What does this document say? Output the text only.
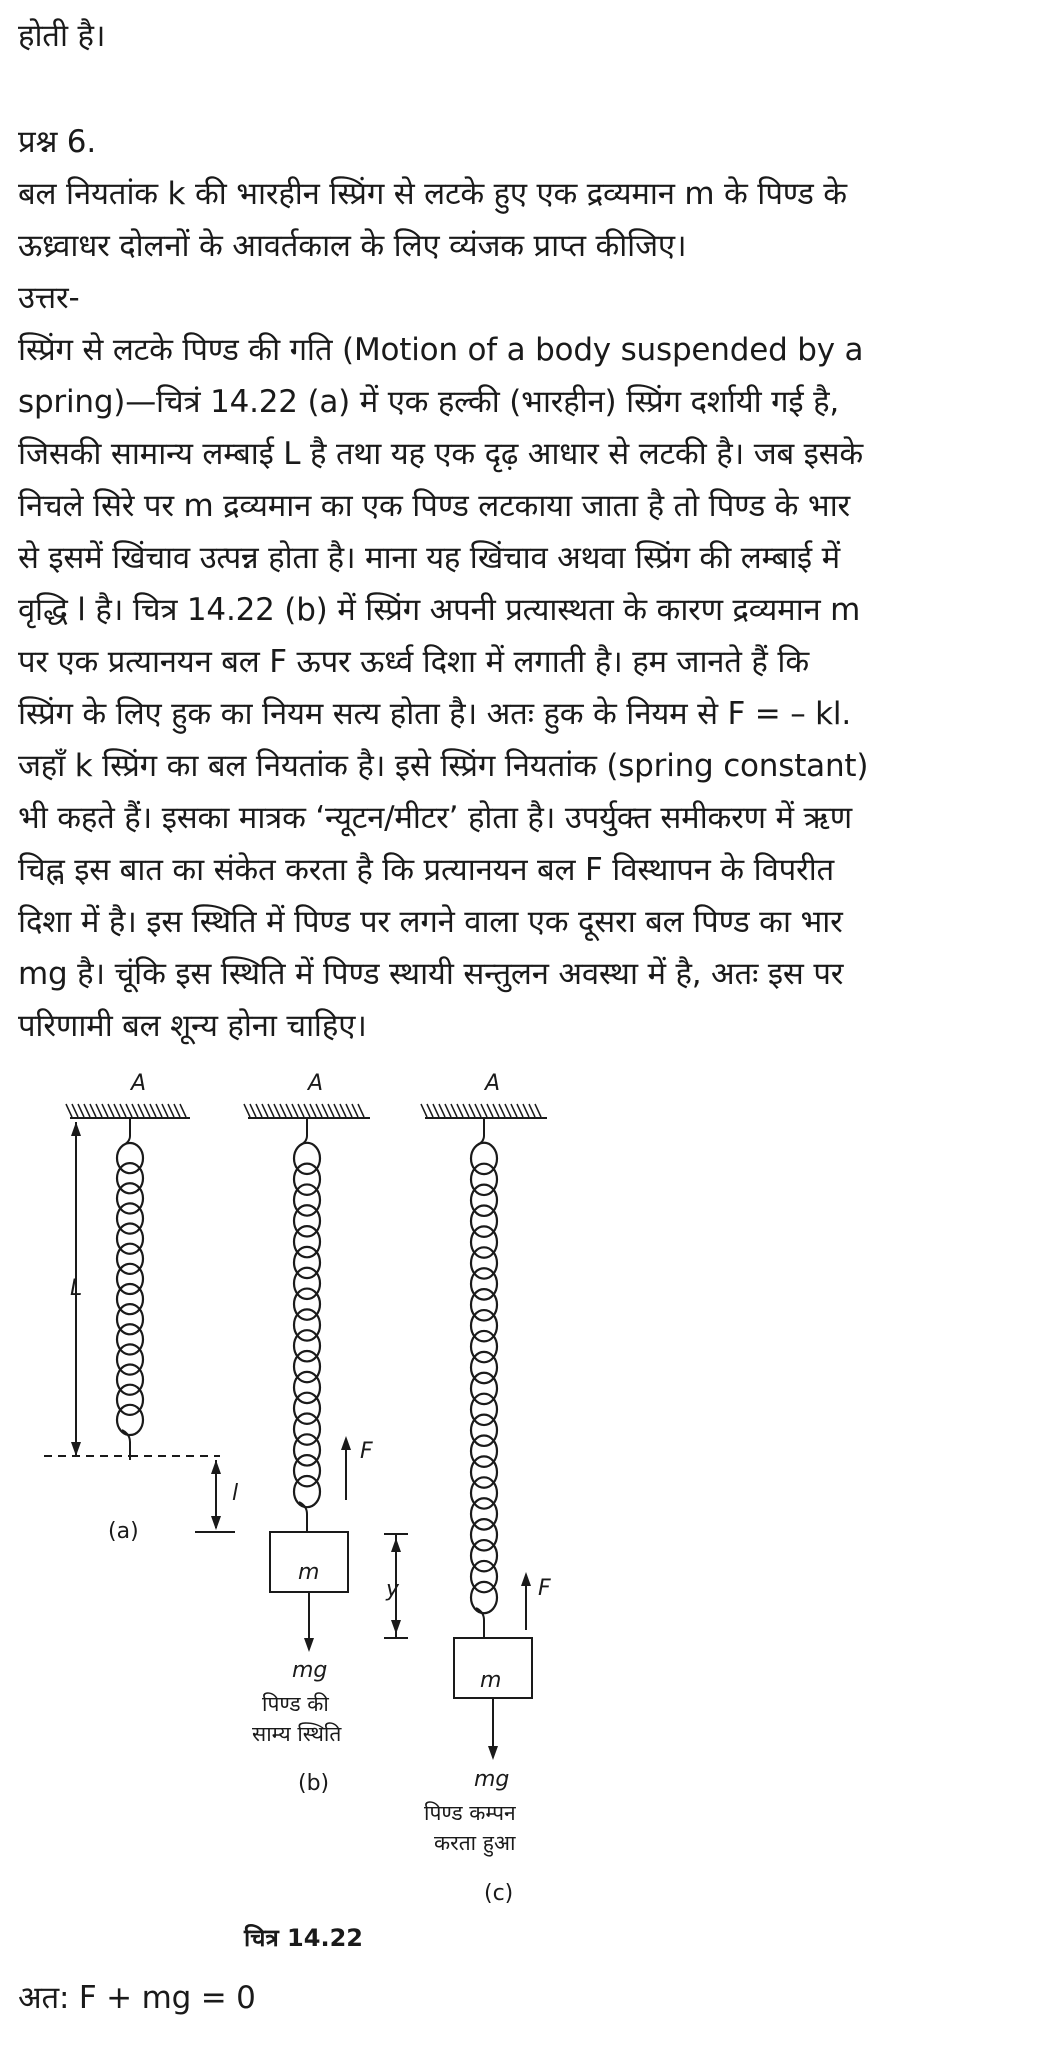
होती है।
प्रश्न 6.
बल नियतांक k की भारहीन स्प्रिंग से लटके हुए एक द्रव्यमान m के पिण्ड के
ऊध्र्वाधर दोलनों के आवर्तकाल के लिए व्यंजक प्राप्त कीजिए।
उत्तर-
स्प्रिंग से लटके पिण्ड की गति (Motion of a body suspended by a
spring)—चित्रं 14.22 (a) में एक हल्की (भारहीन) स्प्रिंग दर्शायी गई है,
जिसकी सामान्य लम्बाई L है तथा यह एक दृढ़ आधार से लटकी है। जब इसके
निचले सिरे पर m द्रव्यमान का एक पिण्ड लटकाया जाता है तो पिण्ड के भार
से इसमें खिंचाव उत्पन्न होता है। माना यह खिंचाव अथवा स्प्रिंग की लम्बाई में
वृद्धि l है। चित्र 14.22 (b) में स्प्रिंग अपनी प्रत्यास्थता के कारण द्रव्यमान m
पर एक प्रत्यानयन बल F ऊपर ऊर्ध्व दिशा में लगाती है। हम जानते हैं कि
स्प्रिंग के लिए हुक का नियम सत्य होता है। अतः हुक के नियम से F = – kl.
जहाँ k स्प्रिंग का बल नियतांक है। इसे स्प्रिंग नियतांक (spring constant)
भी कहते हैं। इसका मात्रक ‘न्यूटन/मीटर’ होता है। उपर्युक्त समीकरण में ऋण
चिह्न इस बात का संकेत करता है कि प्रत्यानयन बल F विस्थापन के विपरीत
दिशा में है। इस स्थिति में पिण्ड पर लगने वाला एक दूसरा बल पिण्ड का भार
mg है। चूंकि इस स्थिति में पिण्ड स्थायी सन्तुलन अवस्था में है, अतः इस पर
परिणामी बल शून्य होना चाहिए।
A	A	A
L
l
(a)
F
m
y
mg
पिण्ड की
साम्य स्थिति
(b)
F
m
mg
पिण्ड कम्पन
करता हुआ
(c)
चित्र 14.22
अत: F + mg = 0
